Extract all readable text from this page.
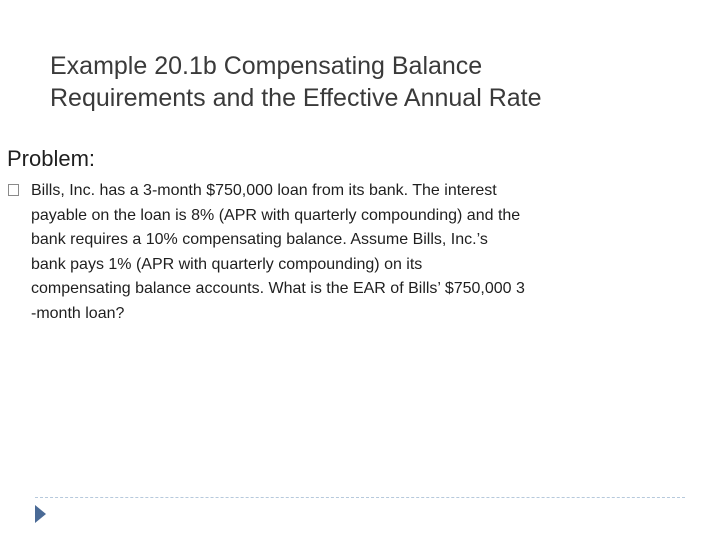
Example 20.1b Compensating Balance
Requirements and the Effective Annual Rate
Problem:
Bills, Inc. has a 3-month $750,000 loan from its bank. The interest
payable on the loan is 8% (APR with quarterly compounding) and the
bank requires a 10% compensating balance. Assume Bills, Inc.’s
bank pays 1% (APR with quarterly compounding) on its
compensating balance accounts. What is the EAR of Bills’ $750,000 3
-month loan?
